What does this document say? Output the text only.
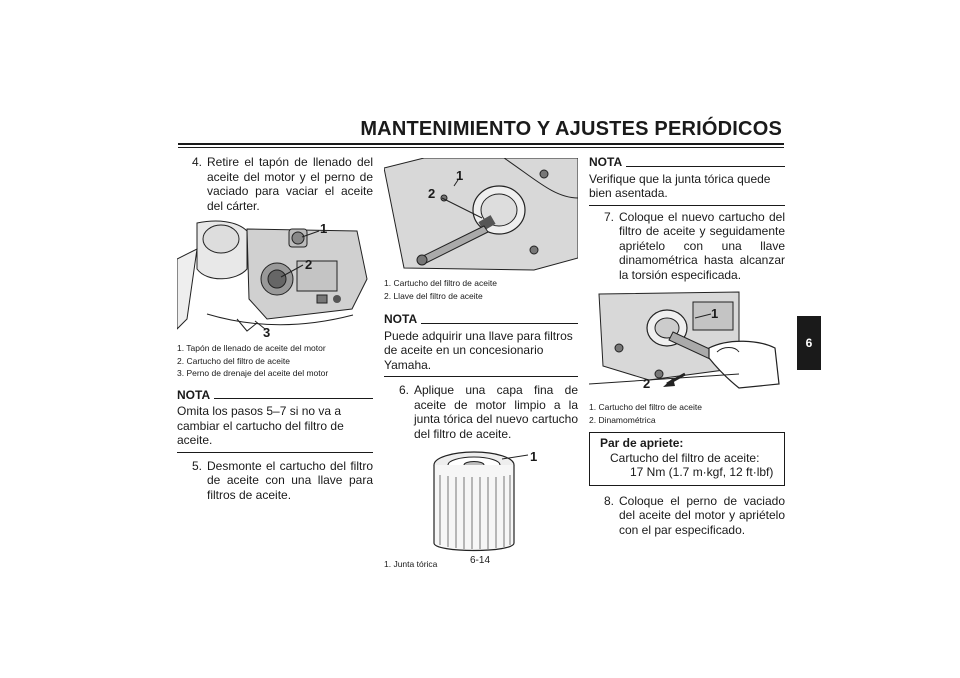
MANTENIMIENTO Y AJUSTES PERIÓDICOS
6
4. Retire el tapón de llenado del aceite del motor y el perno de vaciado para vaciar el aceite del cárter.
1
2
3
1. Tapón de llenado de aceite del motor
2. Cartucho del filtro de aceite
3. Perno de drenaje del aceite del motor
NOTA
Omita los pasos 5–7 si no va a cambiar el cartucho del filtro de aceite.
5. Desmonte el cartucho del filtro de aceite con una llave para filtros de aceite.
1
2
1. Cartucho del filtro de aceite
2. Llave del filtro de aceite
NOTA
Puede adquirir una llave para filtros de aceite en un concesionario Yamaha.
6. Aplique una capa fina de aceite de motor limpio a la junta tórica del nuevo cartucho del filtro de aceite.
1
1. Junta tórica
NOTA
Verifique que la junta tórica quede bien asentada.
7. Coloque el nuevo cartucho del filtro de aceite y seguidamente apriételo con una llave dinamométrica hasta alcanzar la torsión especificada.
1
2
1. Cartucho del filtro de aceite
2. Dinamométrica
Par de apriete:
Cartucho del filtro de aceite:
17 Nm (1.7 m·kgf, 12 ft·lbf)
8. Coloque el perno de vaciado del aceite del motor y apriételo con el par especificado.
6-14
